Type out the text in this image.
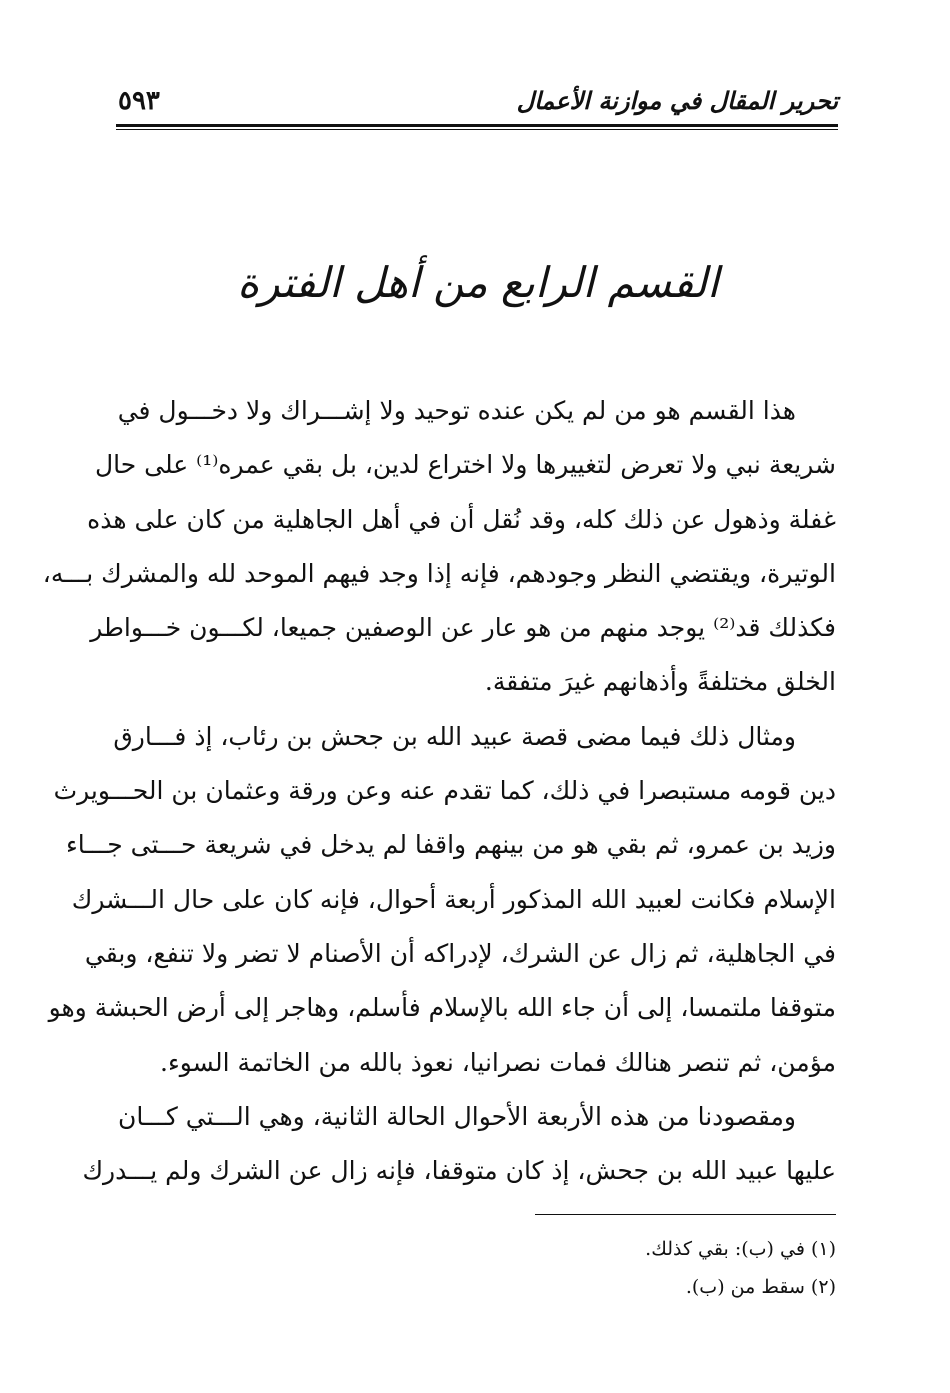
تحرير المقال في موازنة الأعمال
٥٩٣
القسم الرابع من أهل الفترة
هذا القسم هو من لم يكن عنده توحيد ولا إشـــراك ولا دخـــول في
شريعة نبي ولا تعرض لتغييرها ولا اختراع لدين، بل بقي عمره⁽¹⁾ على حال
غفلة وذهول عن ذلك كله، وقد نُقل أن في أهل الجاهلية من كان على هذه
الوتيرة، ويقتضي النظر وجودهم، فإنه إذا وجد فيهم الموحد لله والمشرك بـــه،
فكذلك قد⁽²⁾ يوجد منهم من هو عار عن الوصفين جميعا، لكـــون خـــواطر
الخلق مختلفةً وأذهانهم غيرَ متفقة.
ومثال ذلك فيما مضى قصة عبيد الله بن جحش بن رئاب، إذ فـــارق
دين قومه مستبصرا في ذلك، كما تقدم عنه وعن ورقة وعثمان بن الحـــويرث
وزيد بن عمرو، ثم بقي هو من بينهم واقفا لم يدخل في شريعة حـــتى جـــاء
الإسلام فكانت لعبيد الله المذكور أربعة أحوال، فإنه كان على حال الـــشرك
في الجاهلية، ثم زال عن الشرك، لإدراكه أن الأصنام لا تضر ولا تنفع، وبقي
متوقفا ملتمسا، إلى أن جاء الله بالإسلام فأسلم، وهاجر إلى أرض الحبشة وهو
مؤمن، ثم تنصر هنالك فمات نصرانيا، نعوذ بالله من الخاتمة السوء.
ومقصودنا من هذه الأربعة الأحوال الحالة الثانية، وهي الـــتي كـــان
عليها عبيد الله بن جحش، إذ كان متوقفا، فإنه زال عن الشرك ولم يـــدرك
(١) في (ب): بقي كذلك.
(٢) سقط من (ب).
